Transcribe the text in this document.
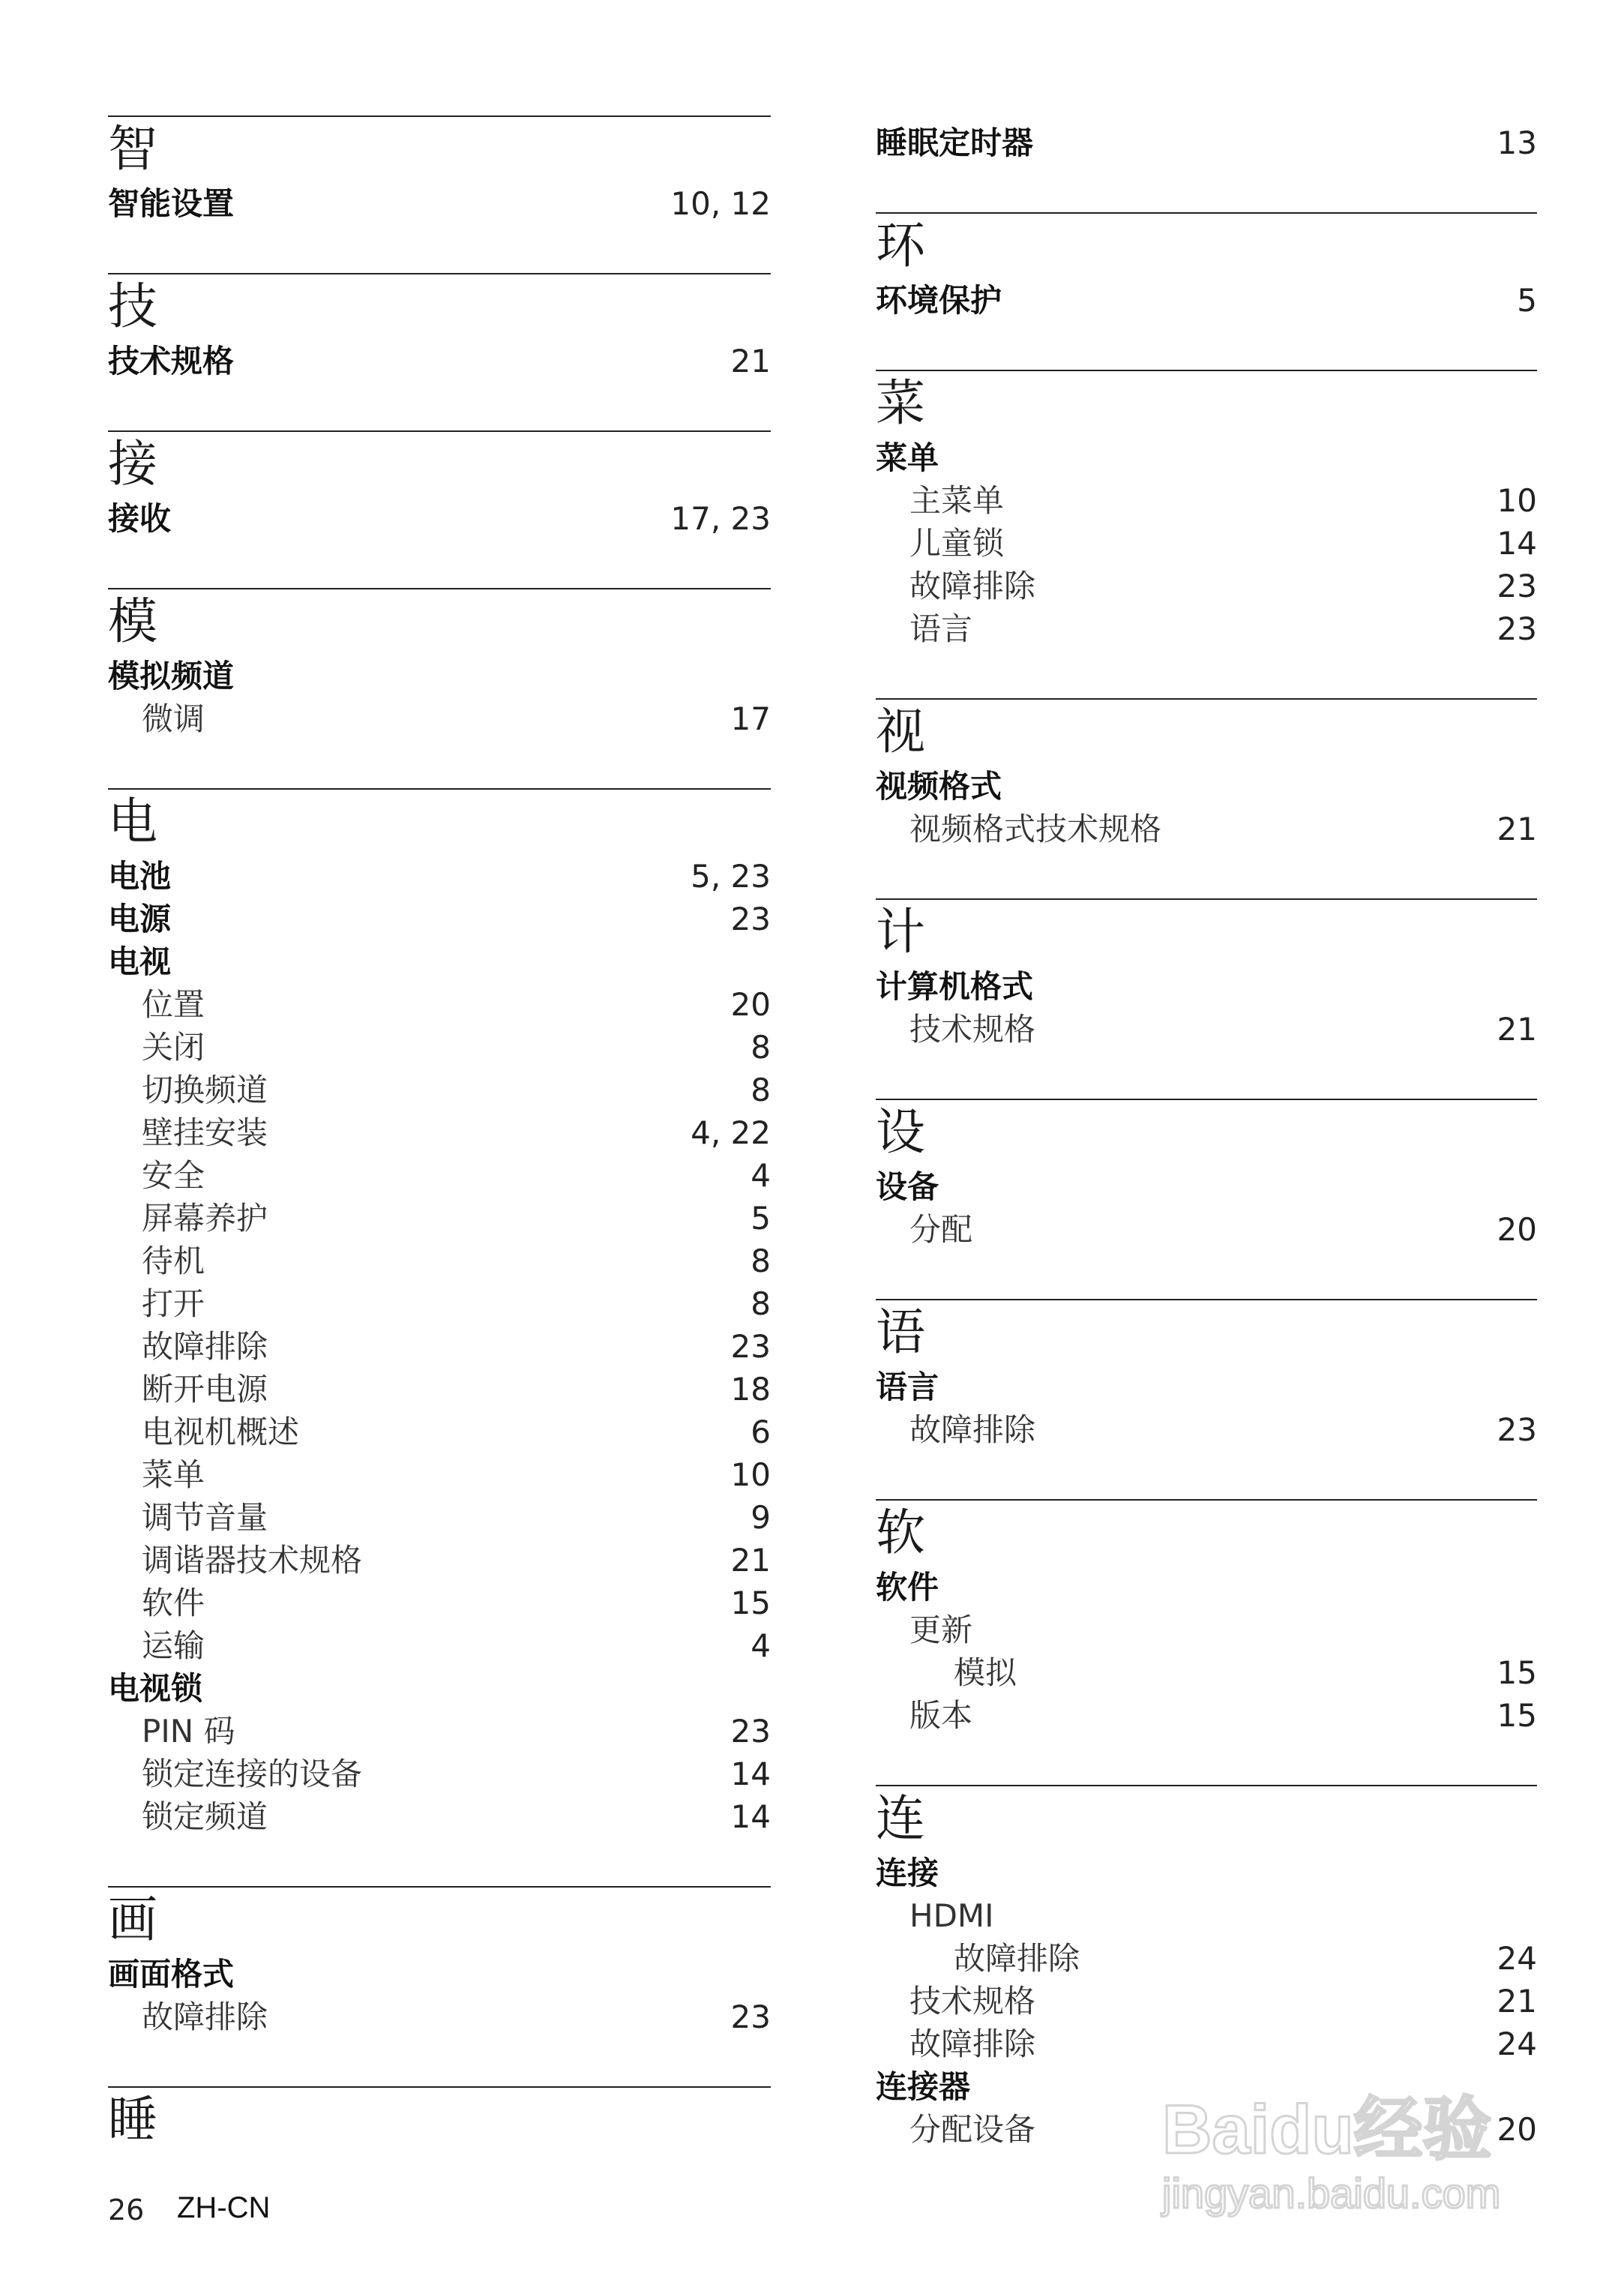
智
智能设置	10, 12
技
技术规格	21
接
接收	17, 23
模
模拟频道
微调	17
电
电池	5, 23
电源	23
电视
位置	20
关闭	8
切换频道	8
壁挂安装	4, 22
安全	4
屏幕养护	5
待机	8
打开	8
故障排除	23
断开电源	18
电视机概述	6
菜单	10
调节音量	9
调谐器技术规格	21
软件	15
运输	4
电视锁
PIN 码	23
锁定连接的设备	14
锁定频道	14
画
画面格式
故障排除	23
睡
睡眠定时器	13
环
环境保护	5
菜
菜单
主菜单	10
儿童锁	14
故障排除	23
语言	23
视
视频格式
视频格式技术规格	21
计
计算机格式
技术规格	21
设
设备
分配	20
语
语言
故障排除	23
软
软件
更新
模拟	15
版本	15
连
连接
HDMI
故障排除	24
技术规格	21
故障排除	24
连接器
分配设备	20
26 ZH-CN
Baidu经验
jingyan.baidu.com
